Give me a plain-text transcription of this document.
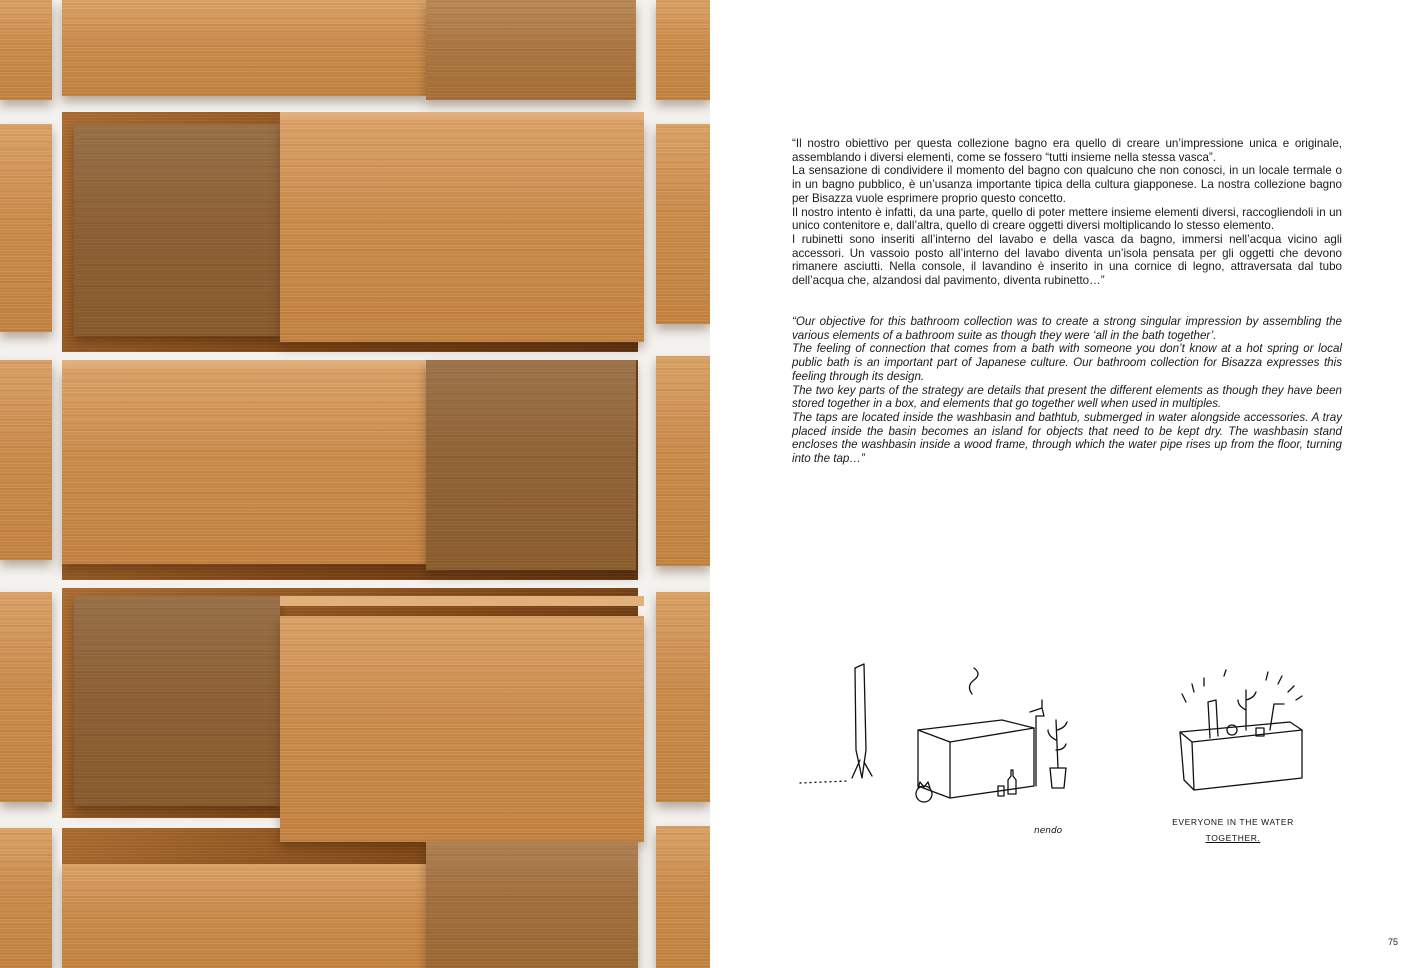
“Il nostro obiettivo per questa collezione bagno era quello di creare un’impressione unica e originale, assemblando i diversi elementi, come se fossero “tutti insieme nella stessa vasca”.

La sensazione di condividere il momento del bagno con qualcuno che non conosci, in un locale termale o in un bagno pubblico, è un’usanza importante tipica della cultura giapponese. La nostra collezione bagno per Bisazza vuole esprimere proprio questo concetto.

Il nostro intento è infatti, da una parte, quello di poter mettere insieme elementi diversi, raccogliendoli in un unico contenitore e, dall’altra, quello di creare oggetti diversi moltiplicando lo stesso elemento.

I rubinetti sono inseriti all’interno del lavabo e della vasca da bagno, immersi nell’acqua vicino agli accessori. Un vassoio posto all’interno del lavabo diventa un’isola pensata per gli oggetti che devono rimanere asciutti. Nella console, il lavandino è inserito in una cornice di legno, attraversata dal tubo dell’acqua che, alzandosi dal pavimento, diventa rubinetto…”

“Our objective for this bathroom collection was to create a strong singular impression by assembling the various elements of a bathroom suite as though they were ‘all in the bath together’.

The feeling of connection that comes from a bath with someone you don’t know at a hot spring or local public bath is an important part of Japanese culture. Our bathroom collection for Bisazza expresses this feeling through its design.

The two key parts of the strategy are details that present the different elements as though they have been stored together in a box, and elements that go together well when used in multiples.

The taps are located inside the washbasin and bathtub, submerged in water alongside accessories. A tray placed inside the basin becomes an island for objects that need to be kept dry. The washbasin stand encloses the washbasin inside a wood frame, through which the water pipe rises up from the floor, turning into the tap…”

nendo
EVERYONE IN THE WATER
TOGETHER.
75
